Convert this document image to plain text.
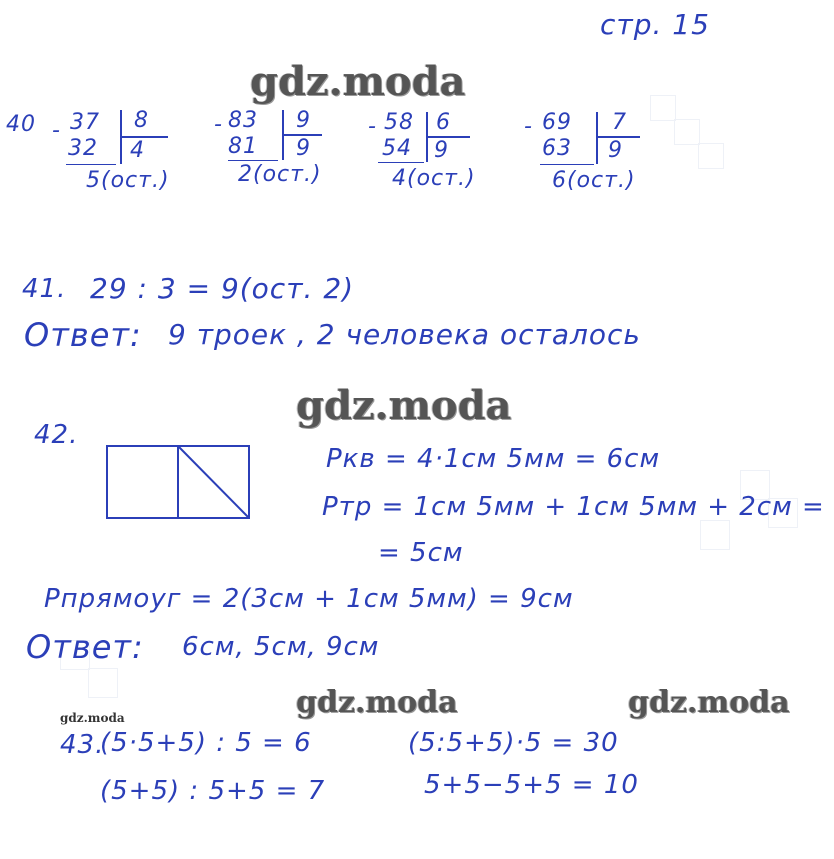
стр. 15
gdz.moda
gdz.moda
gdz.moda	gdz.moda
gdz.moda
40 - 37
32
8
4
5(ост.)
- 83
81
9
9
2(ост.)
- 58
54
6
9
4(ост.)
- 69
63
7
9
6(ост.)
41. 29 : 3 = 9(ост. 2)
Ответ: 9 троек , 2 человека осталось
42.
Pкв = 4·1см 5мм = 6см
Pтр = 1см 5мм + 1см 5мм + 2см =
= 5см
Pпрямоуг = 2(3см + 1см 5мм) = 9см
Ответ: 6см, 5см, 9см
43.
(5·5+5) : 5 = 6	(5:5+5)·5 = 30
(5+5) : 5+5 = 7	5+5−5+5 = 10
